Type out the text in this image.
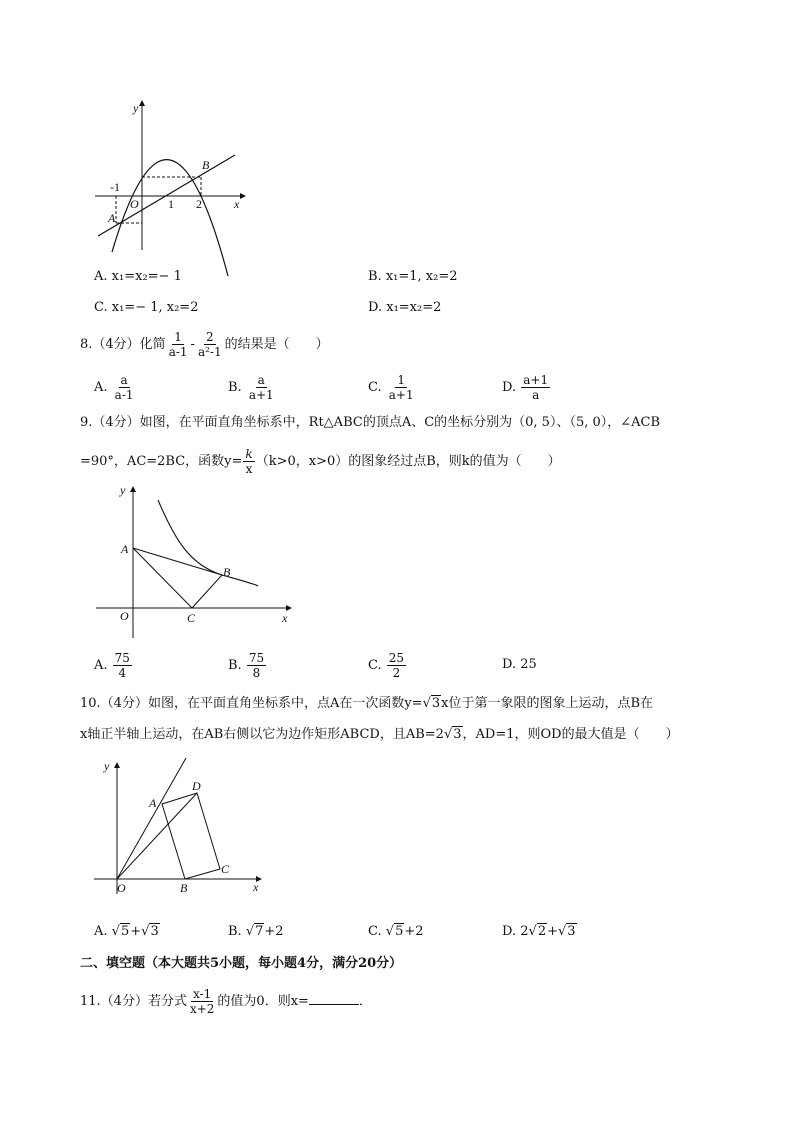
y
x
O
A
B
-1
1 2
A. x₁=x₂=− 1	B. x₁=1, x₂=2
C. x₁=− 1, x₂=2	D. x₁=x₂=2
8.（4分）化简 $\frac{1}{a-1} - \frac{2}{\text{a²-1}}$ 的结果是（　　）
A. $\frac{a}{a-1}$	B. $\frac{a}{a+1}$	C. $\frac{1}{a+1}$	D. $\frac{a+1}{a}$
9.（4分）如图，在平面直角坐标系中，Rt△ABC的顶点A、C的坐标分别为（0, 5）、（5, 0），∠ACB
=90°，AC=2BC，函数$y= \frac{k}{x} (k>0$，x>0）的图象经过点B，则k的值为（　　）
y
x
O
A
B
C
A. $\frac{75}{4}$	B. $\frac{75}{8}$	C. $\frac{25}{2}$	D. 25
10.（4分）如图，在平面直角坐标系中，点A在一次函数y=√3x位于第一象限的图象上运动，点B在
x轴正半轴上运动，在AB右侧以它为边作矩形ABCD，且AB=2√3，AD=1，则OD的最大值是（　　）
y
x
O
A
B
C
D
A. √5+√3	B. √7+2	C. √5+2	D. 2√2+√3
二、填空题（本大题共5小题，每小题4分，满分20分）
11.（4分）若分式 $\frac{x-1}{x+2}$ 的值为0．则x=	．
